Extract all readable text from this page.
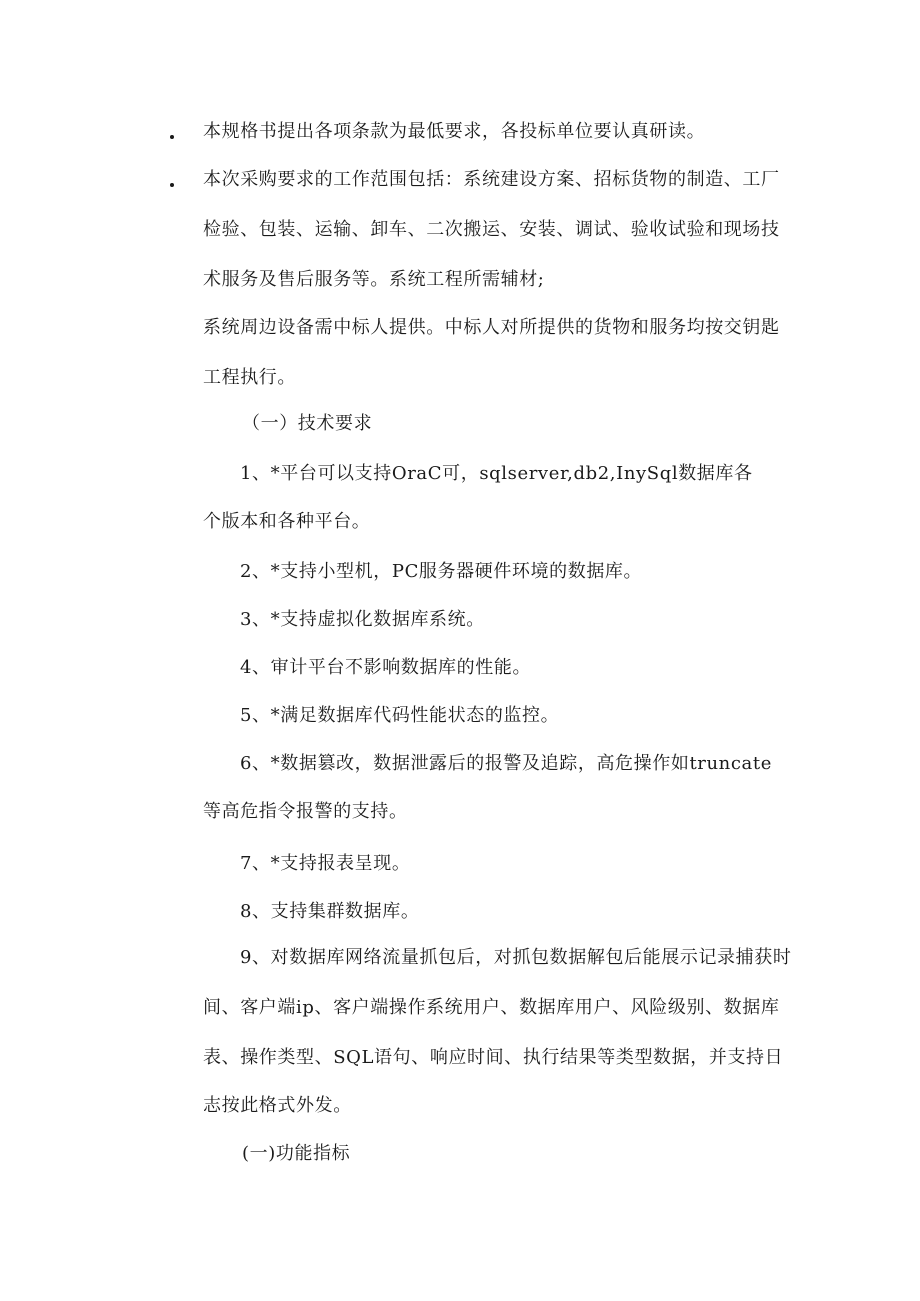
本规格书提出各项条款为最低要求，各投标单位要认真研读。
本次采购要求的工作范围包括：系统建设方案、招标货物的制造、工厂
检验、包装、运输、卸车、二次搬运、安装、调试、验收试验和现场技
术服务及售后服务等。系统工程所需辅材;
系统周边设备需中标人提供。中标人对所提供的货物和服务均按交钥匙
工程执行。
（一）技术要求
1、*平台可以支持OraC可，sqlserver,db2,InySql数据库各
个版本和各种平台。
2、*支持小型机，PC服务器硬件环境的数据库。
3、*支持虚拟化数据库系统。
4、审计平台不影响数据库的性能。
5、*满足数据库代码性能状态的监控。
6、*数据篡改，数据泄露后的报警及追踪，高危操作如truncate
等高危指令报警的支持。
7、*支持报表呈现。
8、支持集群数据库。
9、对数据库网络流量抓包后，对抓包数据解包后能展示记录捕获时
间、客户端ip、客户端操作系统用户、数据库用户、风险级别、数据库
表、操作类型、SQL语句、响应时间、执行结果等类型数据，并支持日
志按此格式外发。
(一)功能指标
